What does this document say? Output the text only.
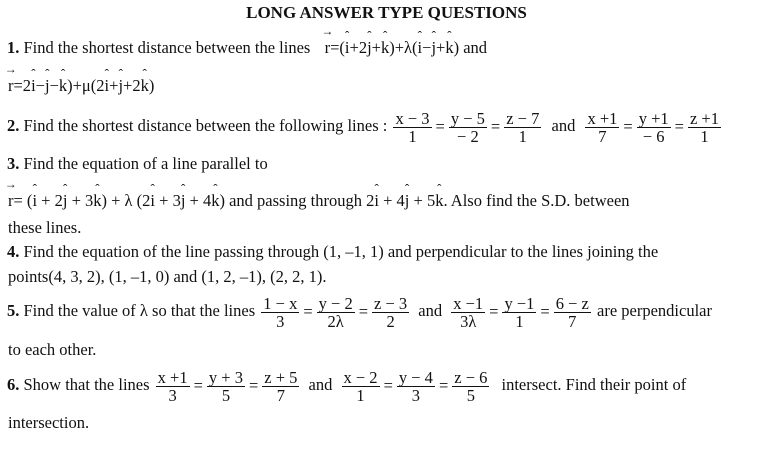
LONG ANSWER TYPE QUESTIONS
1. Find the shortest distance between the lines  → r=(ˆ i+2ˆ j+ˆ k)+λ(ˆ i−ˆ j+ˆ k) and
→ r=2ˆ i−ˆ j−ˆ k)+μ(2ˆ i+ˆ j+2ˆ k)
2. Find the shortest distance between the following lines : $\frac{x - 3}{1} = \frac{y - 5}{- 2} = \frac{z - 7}{1}$ and $\frac{x +1}{7} = \frac{y +1}{- 6} = \frac{z +1}{1}$
3. Find the equation of a line parallel to
→ r= (ˆ i + 2ˆ j + 3ˆ k) + λ (2ˆ i + 3ˆ j + 4ˆ k) and passing through 2ˆ i + 4ˆ j + 5ˆ k. Also find the S.D. between
these lines.
4. Find the equation of the line passing through (1, –1, 1) and perpendicular to the lines joining the
points(4, 3, 2), (1, –1, 0) and (1, 2, –1), (2, 2, 1).
5. Find the value of λ so that the lines $\frac{1 - x}{3} = \frac{y - 2}{2\lambda} = \frac{z - 3}{2}$ and $\frac{x -1}{3\lambda} = \frac{y -1}{1} = \frac{6 - z}{7}$ are perpendicular
to each other.
6. Show that the lines $\frac{x +1}{3} = \frac{y + 3}{5} = \frac{z + 5}{7}$ and $\frac{x - 2}{1} = \frac{y - 4}{3} = \frac{z - 6}{5}$ intersect. Find their point of
intersection.
